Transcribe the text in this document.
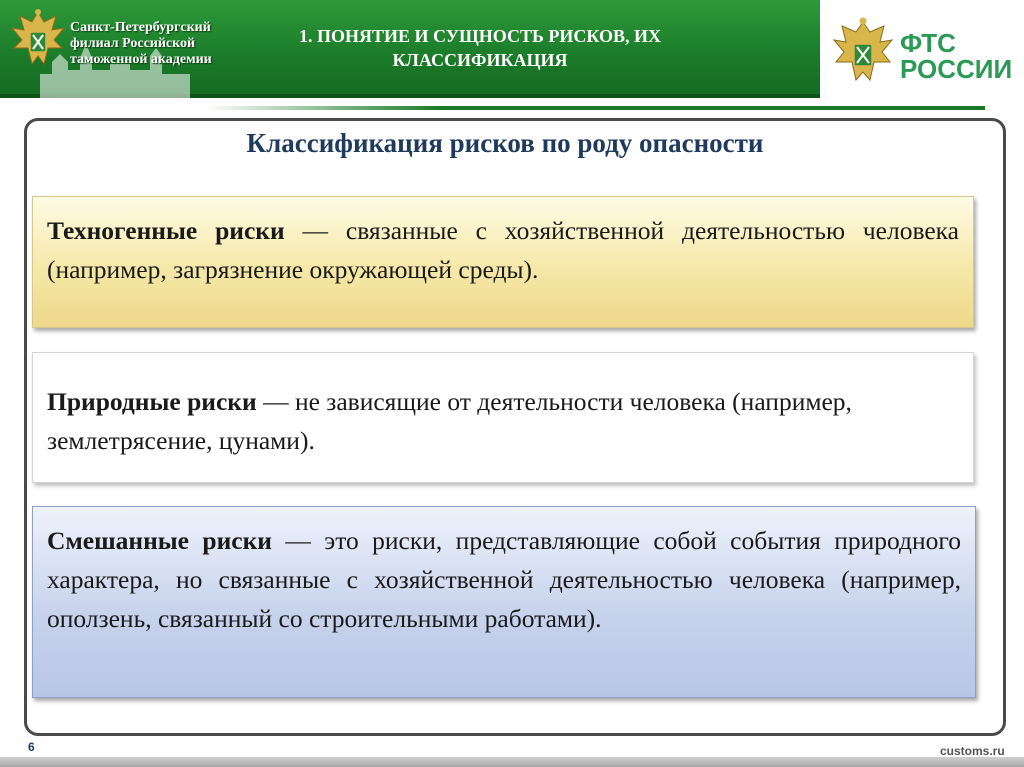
Санкт-Петербургский
филиал Российской
таможенной академии
1. ПОНЯТИЕ И СУЩНОСТЬ РИСКОВ, ИХ
КЛАССИФИКАЦИЯ
ФТС
РОССИИ
Классификация рисков по роду опасности
Техногенные риски — связанные с хозяйственной деятельностью человека (например, загрязнение окружающей среды).
Природные риски — не зависящие от деятельности человека (например, землетрясение, цунами).
Смешанные риски — это риски, представляющие собой события природного характера, но связанные с хозяйственной деятельностью человека (например, оползень, связанный со строительными работами).
6	customs.ru
